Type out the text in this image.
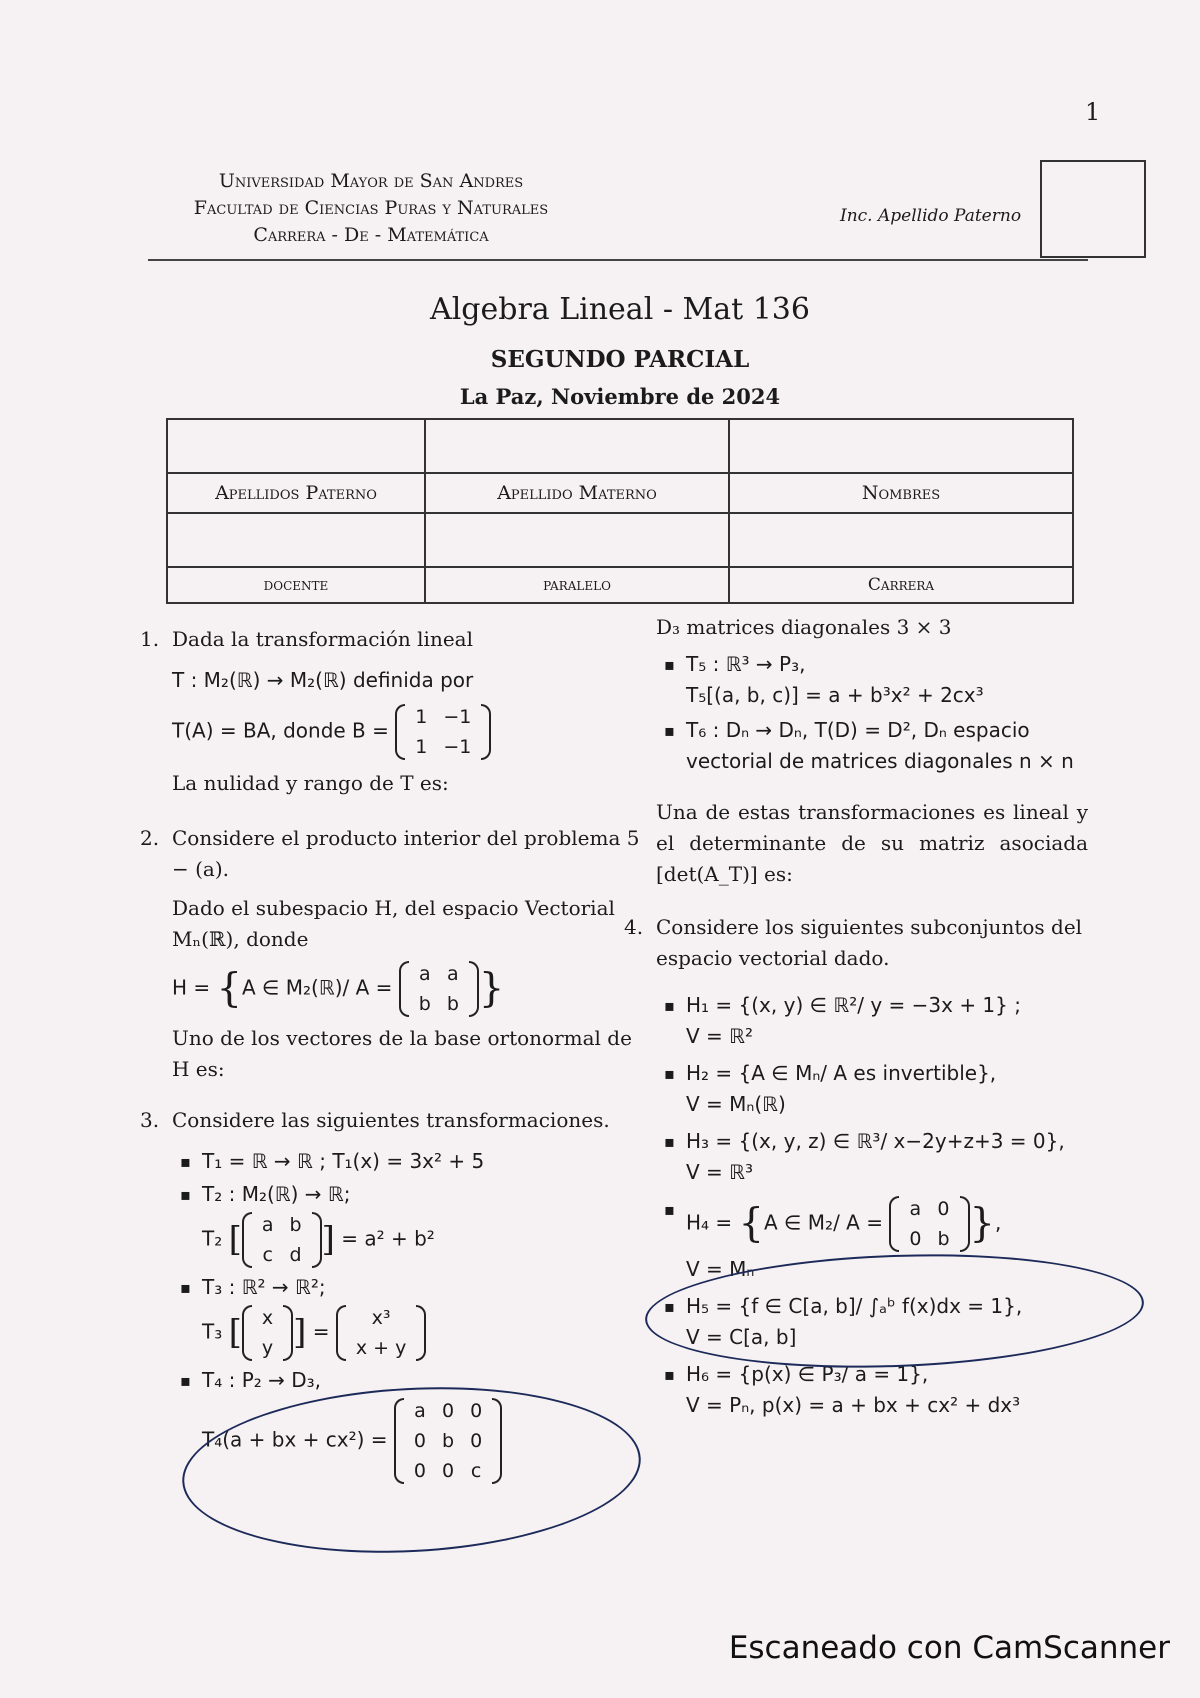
1
Universidad Mayor de San Andres
Facultad de Ciencias Puras y Naturales
Carrera - De - Matemática
Inc. Apellido Paterno
Algebra Lineal - Mat 136
SEGUNDO PARCIAL
La Paz, Noviembre de 2024

Apellidos Paterno	Apellido Materno	Nombres

docente	paralelo	Carrera
1. Dada la transformación lineal
T : M₂(ℝ) → M₂(ℝ) definida por
T(A) = BA, donde B =
1	−1
1	−1
La nulidad y rango de T es:
2. Considere el producto interior del problema 5 − (a).
Dado el subespacio H, del espacio Vectorial Mₙ(ℝ), donde
H = {A ∈ M₂(ℝ)/ A =
a	a
b	b }
Uno de los vectores de la base ortonormal de H es:
3. Considere las siguientes transformaciones.
▪ T₁ = ℝ → ℝ ; T₁(x) = 3x² + 5
▪ T₂ : M₂(ℝ) → ℝ;
T₂ [ a	b
c	d ] = a² + b²
▪ T₃ : ℝ² → ℝ²;
T₃ [ x
y ] =
x³
x + y
▪ T₄ : P₂ → D₃,
T₄(a + bx + cx²) =
a	0	0
0	b	0
0	0	c
D₃ matrices diagonales 3 × 3
▪ T₅ : ℝ³ → P₃,
T₅[(a, b, c)] = a + b³x² + 2cx³
▪ T₆ : Dₙ → Dₙ, T(D) = D², Dₙ espacio vectorial de matrices diagonales n × n
Una de estas transformaciones es lineal y el determinante de su matriz asociada [det(A_T)] es:
4. Considere los siguientes subconjuntos del espacio vectorial dado.
▪ H₁ = {(x, y) ∈ ℝ²/ y = −3x + 1} ;
V = ℝ²
▪ H₂ = {A ∈ Mₙ/ A es invertible},
V = Mₙ(ℝ)
▪ H₃ = {(x, y, z) ∈ ℝ³/ x−2y+z+3 = 0},
V = ℝ³
▪ H₄ = {A ∈ M₂/ A =
a	0
0	b },
V = Mₙ
▪ H₅ = {f ∈ C[a, b]/ ∫ₐᵇ f(x)dx = 1},
V = C[a, b]
▪ H₆ = {p(x) ∈ P₃/ a = 1},
V = Pₙ, p(x) = a + bx + cx² + dx³
Escaneado con CamScanner
